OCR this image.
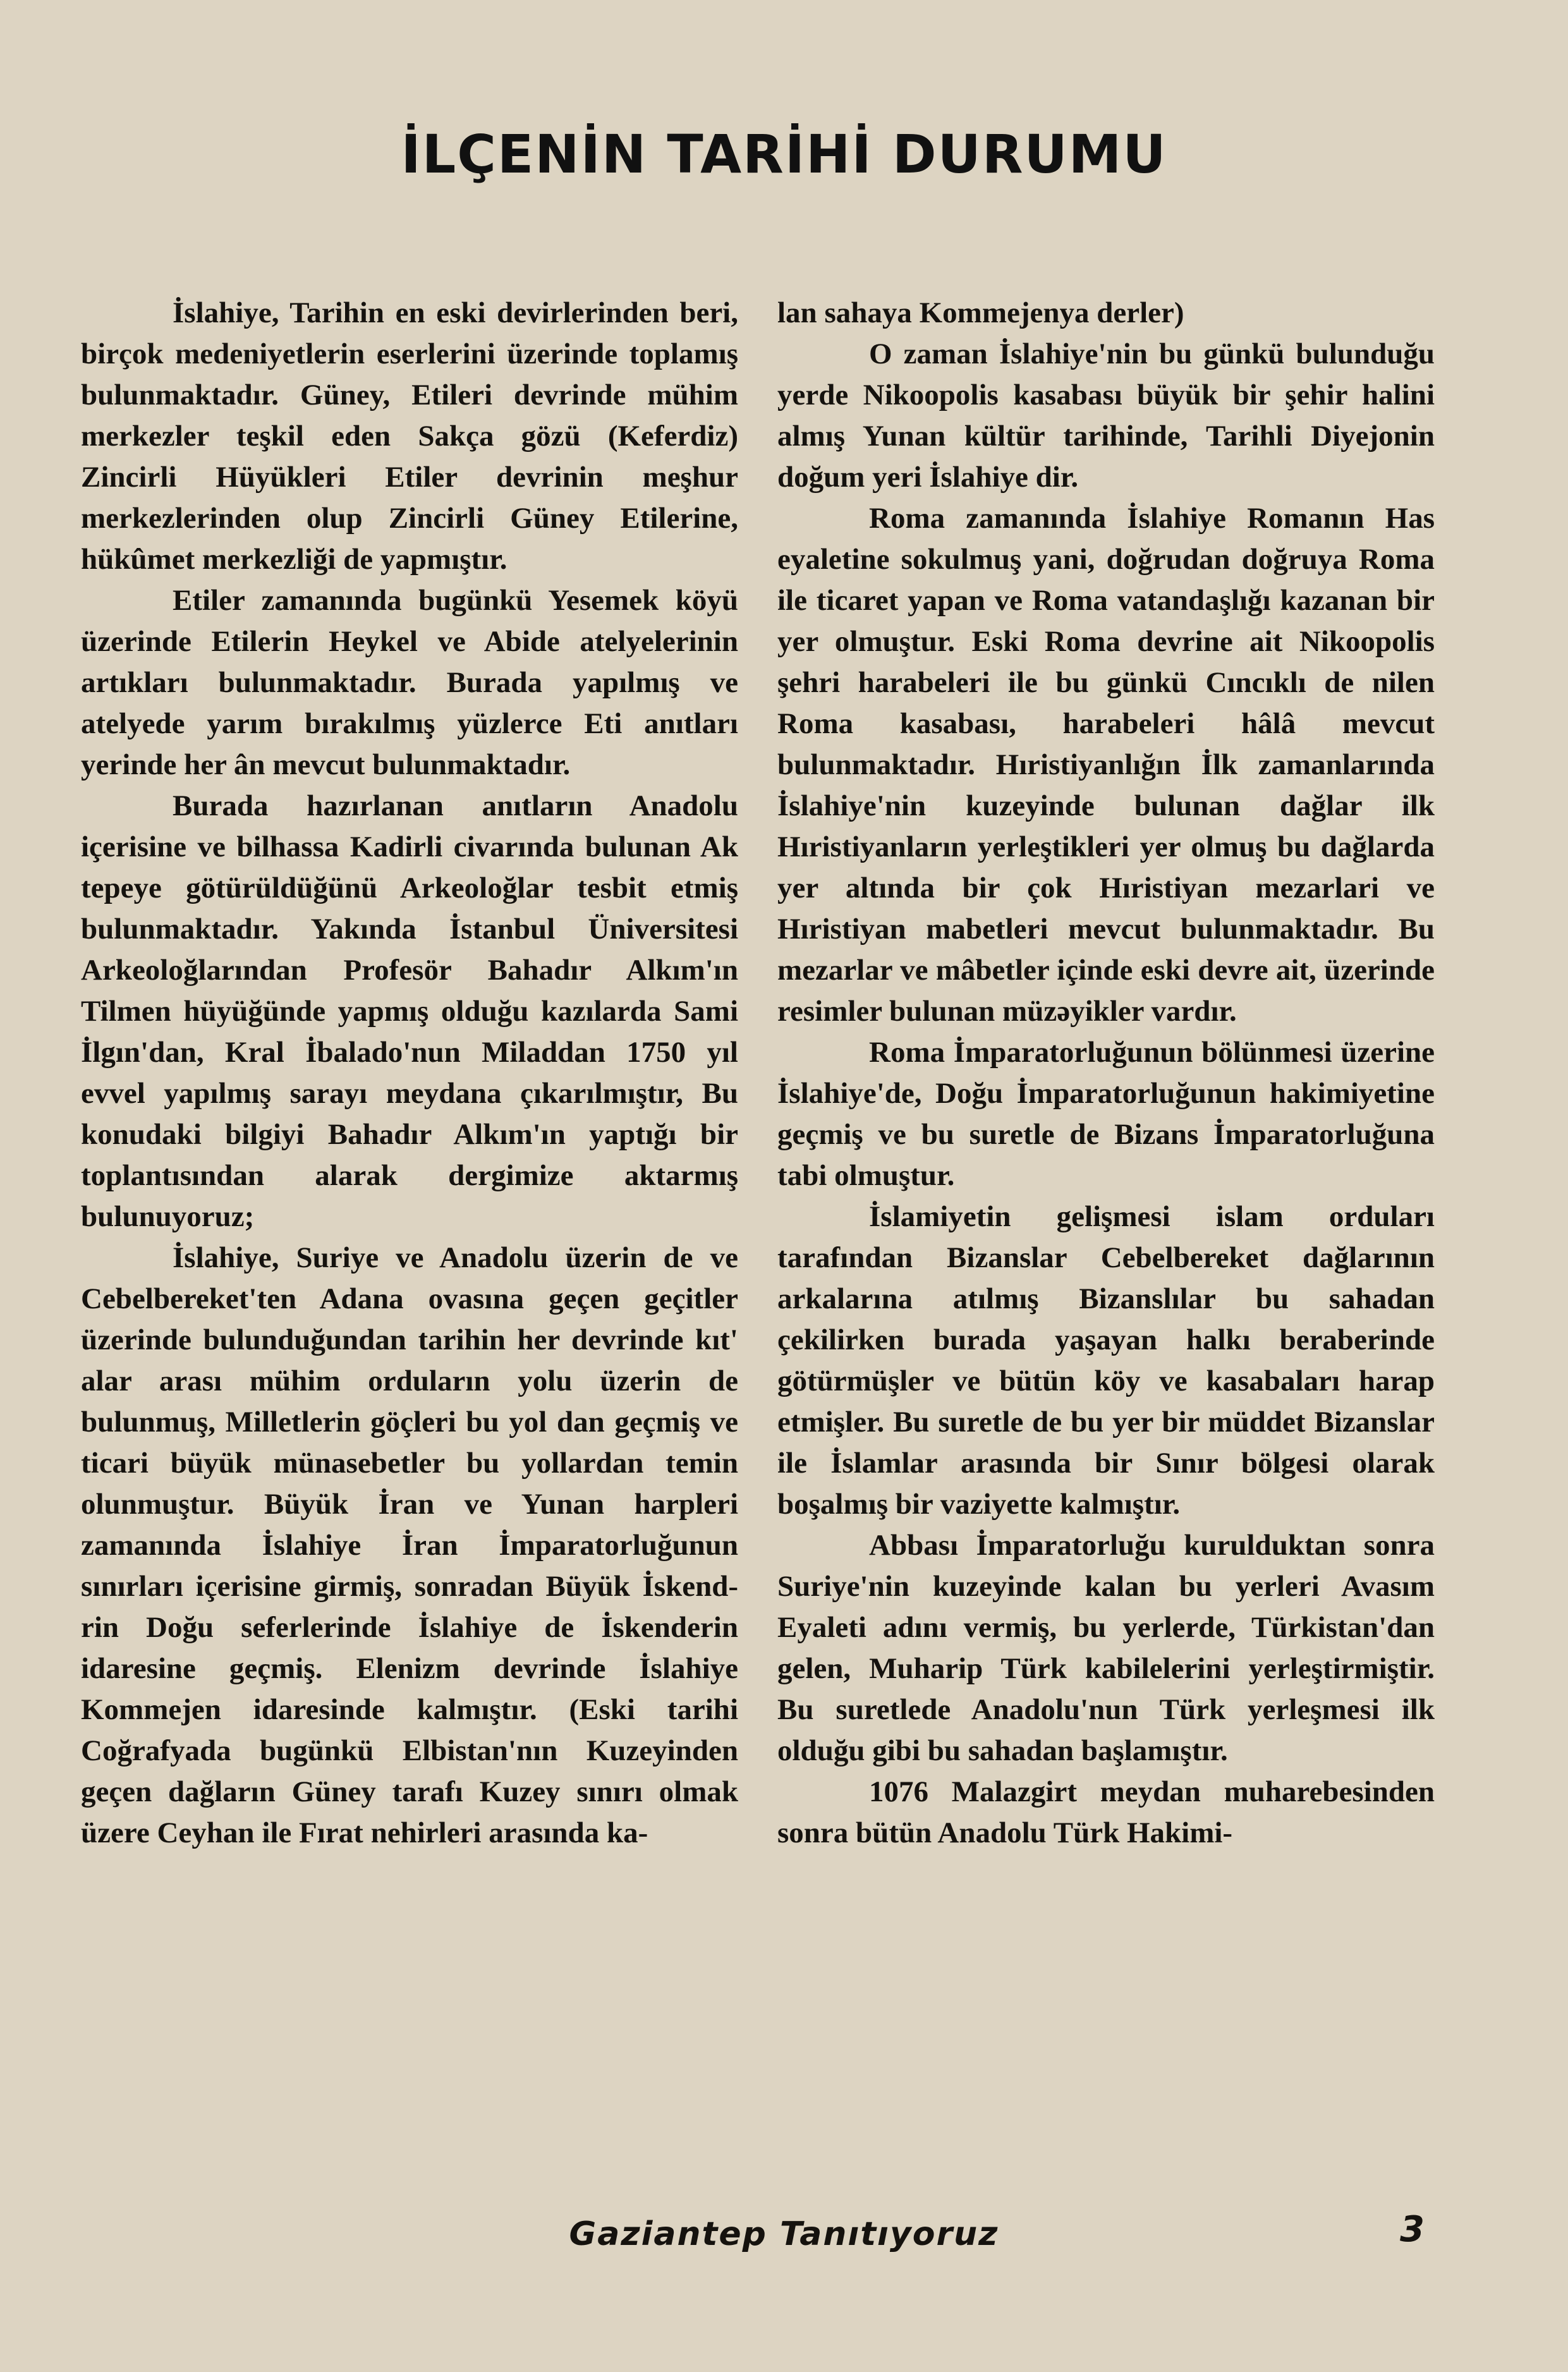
İLÇENİN TARİHİ DURUMU

İslahiye, Tarihin en eski devirlerinden beri, birçok medeniyetlerin eserlerini üzerinde toplamış bulunmaktadır. Güney, Etileri devrinde mühim merkezler teşkil eden Sakça gözü (Keferdiz) Zincirli Hüyükleri Etiler devrinin meşhur merkezlerinden olup Zincirli Güney Etilerine, hükûmet merkezliği de yapmıştır.

Etiler zamanında bugünkü Yesemek köyü üzerinde Etilerin Heykel ve Abide atelyelerinin artıkları bulunmaktadır. Burada yapılmış ve atelyede yarım bırakılmış yüzlerce Eti anıtları yerinde her ân mevcut bulunmaktadır.

Burada hazırlanan anıtların Anadolu içerisine ve bilhassa Kadirli civarında bulunan Ak tepeye götürüldüğünü Arkeoloğlar tesbit etmiş bulunmaktadır. Yakında İstanbul Üniversitesi Arkeoloğlarından Profesör Bahadır Alkım'ın Tilmen hüyüğünde yapmış olduğu kazılarda Sami İlgın'dan, Kral İbalado'nun Miladdan 1750 yıl evvel yapılmış sarayı meydana çıkarılmıştır, Bu konudaki bilgiyi Bahadır Alkım'ın yaptığı bir toplantısından alarak dergimize aktarmış bulunuyoruz;

İslahiye, Suriye ve Anadolu üzerin de ve Cebelbereket'ten Adana ovasına geçen geçitler üzerinde bulunduğundan tarihin her devrinde kıt' alar arası mühim orduların yolu üzerin de bulunmuş, Milletlerin göçleri bu yol dan geçmiş ve ticari büyük münasebetler bu yollardan temin olunmuştur. Büyük İran ve Yunan harpleri zamanında İslahiye İran İmparatorluğunun sınırları içerisine girmiş, sonradan Büyük İskend-rin Doğu seferlerinde İslahiye de İskenderin idaresine geçmiş. Elenizm devrinde İslahiye Kommejen idaresinde kalmıştır. (Eski tarihi Coğrafyada bugünkü Elbistan'nın Kuzeyinden geçen dağların Güney tarafı Kuzey sınırı olmak üzere Ceyhan ile Fırat nehirleri arasında ka-

lan sahaya Kommejenya derler)

O zaman İslahiye'nin bu günkü bulunduğu yerde Nikoopolis kasabası büyük bir şehir halini almış Yunan kültür tarihinde, Tarihli Diyejonin doğum yeri İslahiye dir.

Roma zamanında İslahiye Romanın Has eyaletine sokulmuş yani, doğrudan doğruya Roma ile ticaret yapan ve Roma vatandaşlığı kazanan bir yer olmuştur. Eski Roma devrine ait Nikoopolis şehri harabeleri ile bu günkü Cıncıklı de nilen Roma kasabası, harabeleri hâlâ mevcut bulunmaktadır. Hıristiyanlığın İlk zamanlarında İslahiye'nin kuzeyinde bulunan dağlar ilk Hıristiyanların yerleştikleri yer olmuş bu dağlarda yer altında bir çok Hıristiyan mezarlari ve Hıristiyan mabetleri mevcut bulunmaktadır. Bu mezarlar ve mâbetler içinde eski devre ait, üzerinde resimler bulunan müzəyikler vardır.

Roma İmparatorluğunun bölünmesi üzerine İslahiye'de, Doğu İmparatorluğunun hakimiyetine geçmiş ve bu suretle de Bizans İmparatorluğuna tabi olmuştur.

İslamiyetin gelişmesi islam orduları tarafından Bizanslar Cebelbereket dağlarının arkalarına atılmış Bizanslılar bu sahadan çekilirken burada yaşayan halkı beraberinde götürmüşler ve bütün köy ve kasabaları harap etmişler. Bu suretle de bu yer bir müddet Bizanslar ile İslamlar arasında bir Sınır bölgesi olarak boşalmış bir vaziyette kalmıştır.

Abbası İmparatorluğu kurulduktan sonra Suriye'nin kuzeyinde kalan bu yerleri Avasım Eyaleti adını vermiş, bu yerlerde, Türkistan'dan gelen, Muharip Türk kabilelerini yerleştirmiştir. Bu suretlede Anadolu'nun Türk yerleşmesi ilk olduğu gibi bu sahadan başlamıştır.

1076 Malazgirt meydan muharebesinden sonra bütün Anadolu Türk Hakimi-

Gaziantep Tanıtıyoruz	3
